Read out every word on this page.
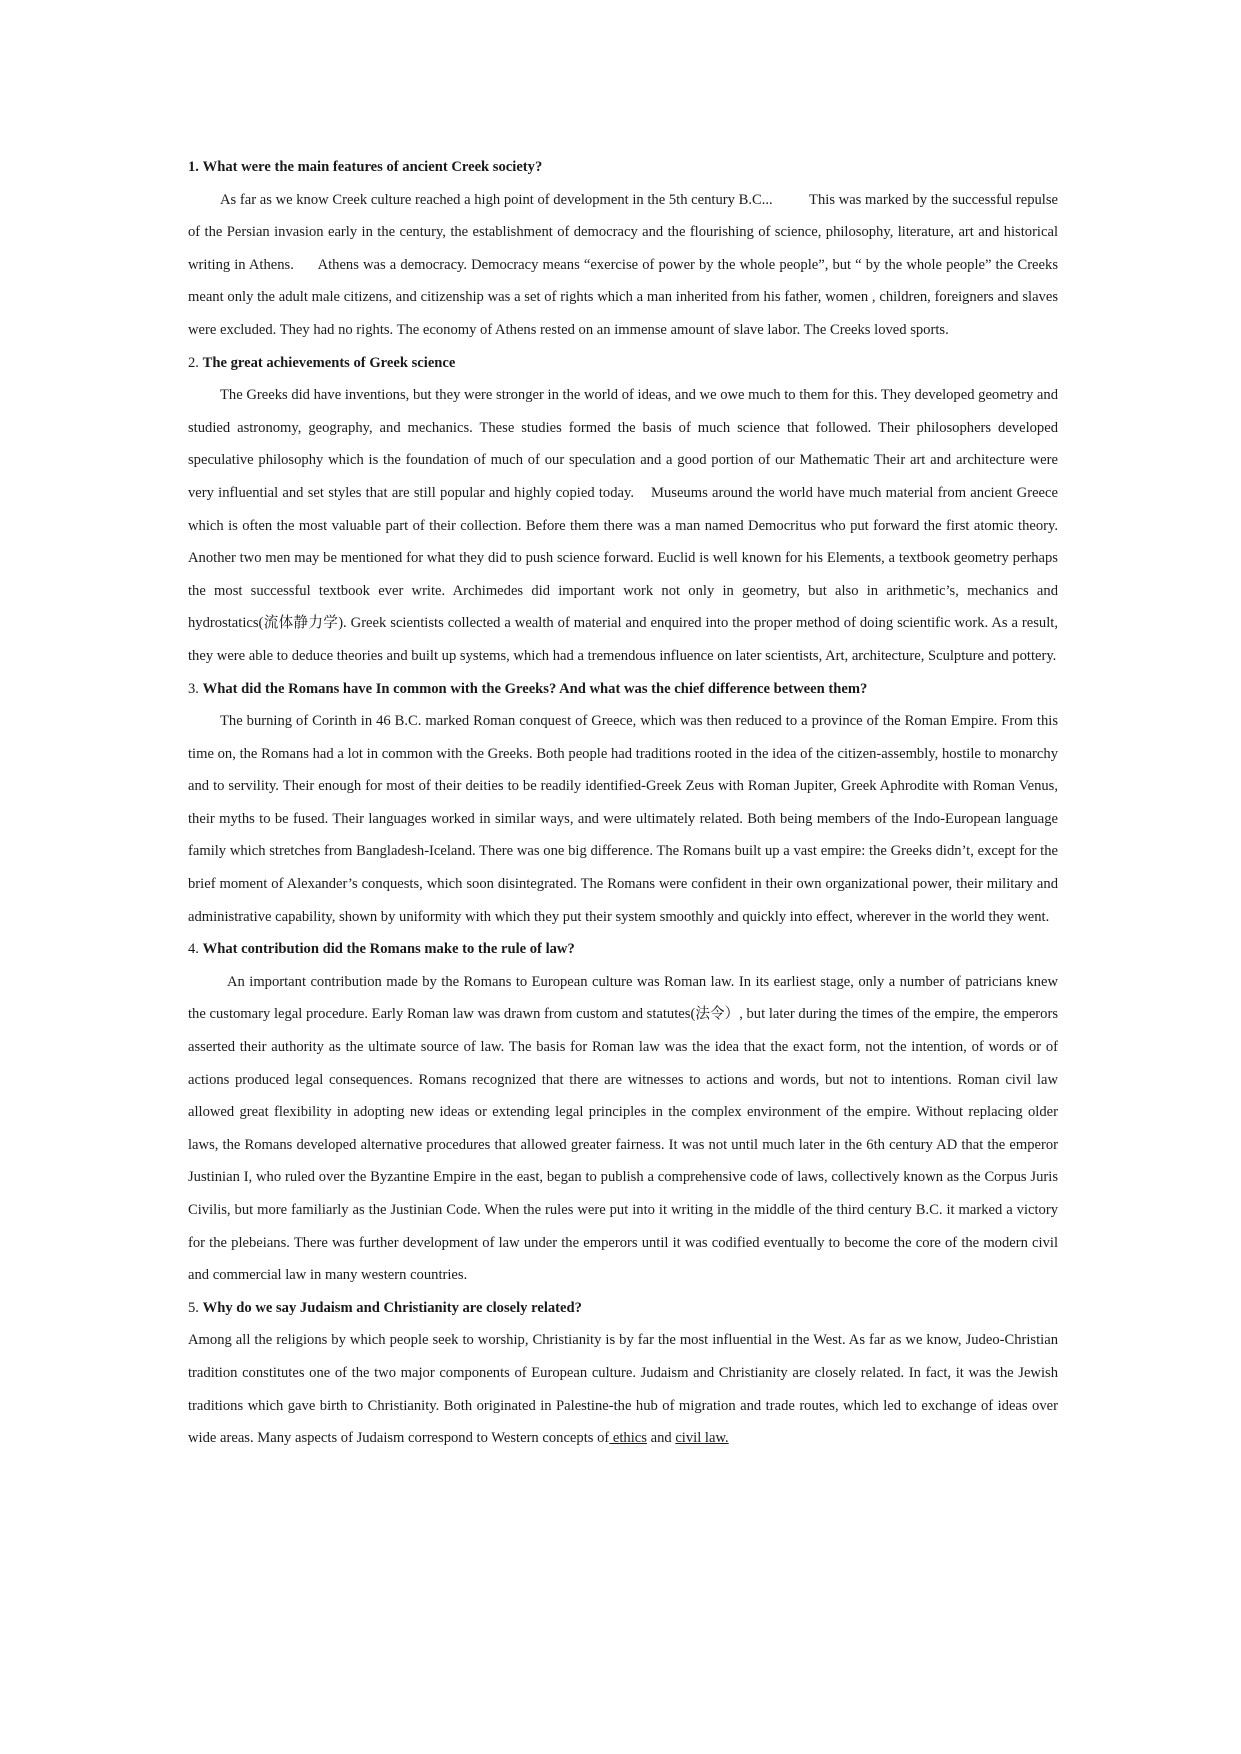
1. What were the main features of ancient Creek society?

As far as we know Creek culture reached a high point of development in the 5th century B.C...          This was marked by the successful repulse of the Persian invasion early in the century, the establishment of democracy and the flourishing of science, philosophy, literature, art and historical writing in Athens.      Athens was a democracy. Democracy means “exercise of power by the whole people”, but “ by the whole people” the Creeks meant only the adult male citizens, and citizenship was a set of rights which a man inherited from his father, women , children, foreigners and slaves were excluded. They had no rights. The economy of Athens rested on an immense amount of slave labor. The Creeks loved sports.

2. The great achievements of Greek science

The Greeks did have inventions, but they were stronger in the world of ideas, and we owe much to them for this. They developed geometry and studied astronomy, geography, and mechanics. These studies formed the basis of much science that followed. Their philosophers developed speculative philosophy which is the foundation of much of our speculation and a good portion of our Mathematic Their art and architecture were very influential and set styles that are still popular and highly copied today.    Museums around the world have much material from ancient Greece which is often the most valuable part of their collection. Before them there was a man named Democritus who put forward the first atomic theory. Another two men may be mentioned for what they did to push science forward. Euclid is well known for his Elements, a textbook geometry perhaps the most successful textbook ever write. Archimedes did important work not only in geometry, but also in arithmetic’s, mechanics and hydrostatics(流体静力学). Greek scientists collected a wealth of material and enquired into the proper method of doing scientific work. As a result, they were able to deduce theories and built up systems, which had a tremendous influence on later scientists, Art, architecture, Sculpture and pottery.

3. What did the Romans have In common with the Greeks? And what was the chief difference between them?

The burning of Corinth in 46 B.C. marked Roman conquest of Greece, which was then reduced to a province of the Roman Empire. From this time on, the Romans had a lot in common with the Greeks. Both people had traditions rooted in the idea of the citizen-assembly, hostile to monarchy and to servility. Their enough for most of their deities to be readily identified-Greek Zeus with Roman Jupiter, Greek Aphrodite with Roman Venus, their myths to be fused. Their languages worked in similar ways, and were ultimately related. Both being members of the Indo-European language family which stretches from Bangladesh-Iceland. There was one big difference. The Romans built up a vast empire: the Greeks didn’t, except for the brief moment of Alexander’s conquests, which soon disintegrated. The Romans were confident in their own organizational power, their military and administrative capability, shown by uniformity with which they put their system smoothly and quickly into effect, wherever in the world they went.

4. What contribution did the Romans make to the rule of law?

An important contribution made by the Romans to European culture was Roman law. In its earliest stage, only a number of patricians knew the customary legal procedure. Early Roman law was drawn from custom and statutes(法令）, but later during the times of the empire, the emperors asserted their authority as the ultimate source of law. The basis for Roman law was the idea that the exact form, not the intention, of words or of actions produced legal consequences. Romans recognized that there are witnesses to actions and words, but not to intentions. Roman civil law allowed great flexibility in adopting new ideas or extending legal principles in the complex environment of the empire. Without replacing older laws, the Romans developed alternative procedures that allowed greater fairness. It was not until much later in the 6th century AD that the emperor Justinian I, who ruled over the Byzantine Empire in the east, began to publish a comprehensive code of laws, collectively known as the Corpus Juris Civilis, but more familiarly as the Justinian Code. When the rules were put into it writing in the middle of the third century B.C. it marked a victory for the plebeians. There was further development of law under the emperors until it was codified eventually to become the core of the modern civil and commercial law in many western countries.

5. Why do we say Judaism and Christianity are closely related?

Among all the religions by which people seek to worship, Christianity is by far the most influential in the West. As far as we know, Judeo-Christian tradition constitutes one of the two major components of European culture. Judaism and Christianity are closely related. In fact, it was the Jewish traditions which gave birth to Christianity. Both originated in Palestine-the hub of migration and trade routes, which led to exchange of ideas over wide areas. Many aspects of Judaism correspond to Western concepts of ethics and civil law.
